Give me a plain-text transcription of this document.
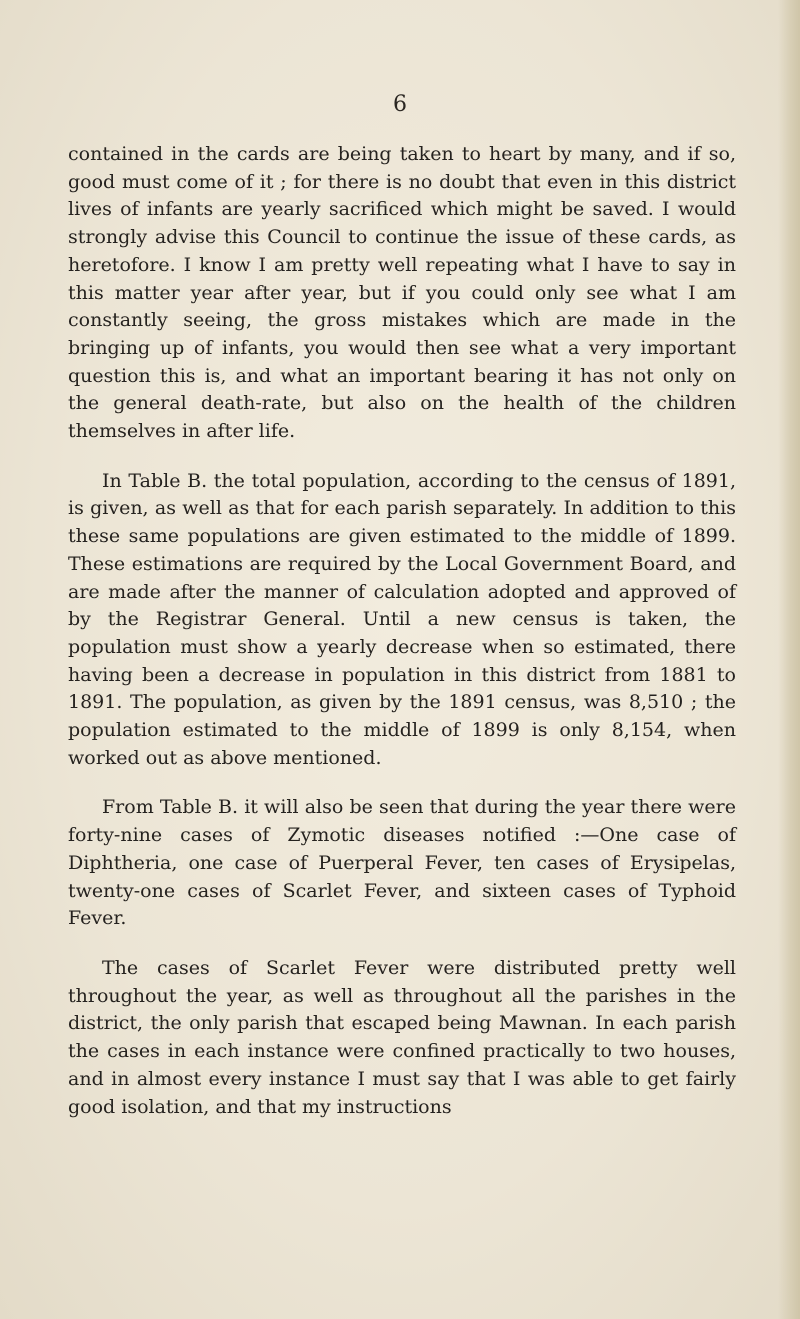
6

contained in the cards are being taken to heart by many, and if so, good must come of it ; for there is no doubt that even in this district lives of infants are yearly sacrificed which might be saved. I would strongly advise this Council to continue the issue of these cards, as heretofore. I know I am pretty well repeating what I have to say in this matter year after year, but if you could only see what I am constantly seeing, the gross mistakes which are made in the bringing up of infants, you would then see what a very important question this is, and what an important bearing it has not only on the general death-rate, but also on the health of the children themselves in after life.

In Table B. the total population, according to the census of 1891, is given, as well as that for each parish separately. In addition to this these same populations are given estimated to the middle of 1899. These estimations are required by the Local Government Board, and are made after the manner of calculation adopted and approved of by the Registrar General. Until a new census is taken, the population must show a yearly decrease when so estimated, there having been a decrease in population in this district from 1881 to 1891. The population, as given by the 1891 census, was 8,510 ; the population estimated to the middle of 1899 is only 8,154, when worked out as above mentioned.

From Table B. it will also be seen that during the year there were forty-nine cases of Zymotic diseases notified :—One case of Diphtheria, one case of Puerperal Fever, ten cases of Erysipelas, twenty-one cases of Scarlet Fever, and sixteen cases of Typhoid Fever.

The cases of Scarlet Fever were distributed pretty well throughout the year, as well as throughout all the parishes in the district, the only parish that escaped being Mawnan. In each parish the cases in each instance were confined practically to two houses, and in almost every instance I must say that I was able to get fairly good isolation, and that my instructions
